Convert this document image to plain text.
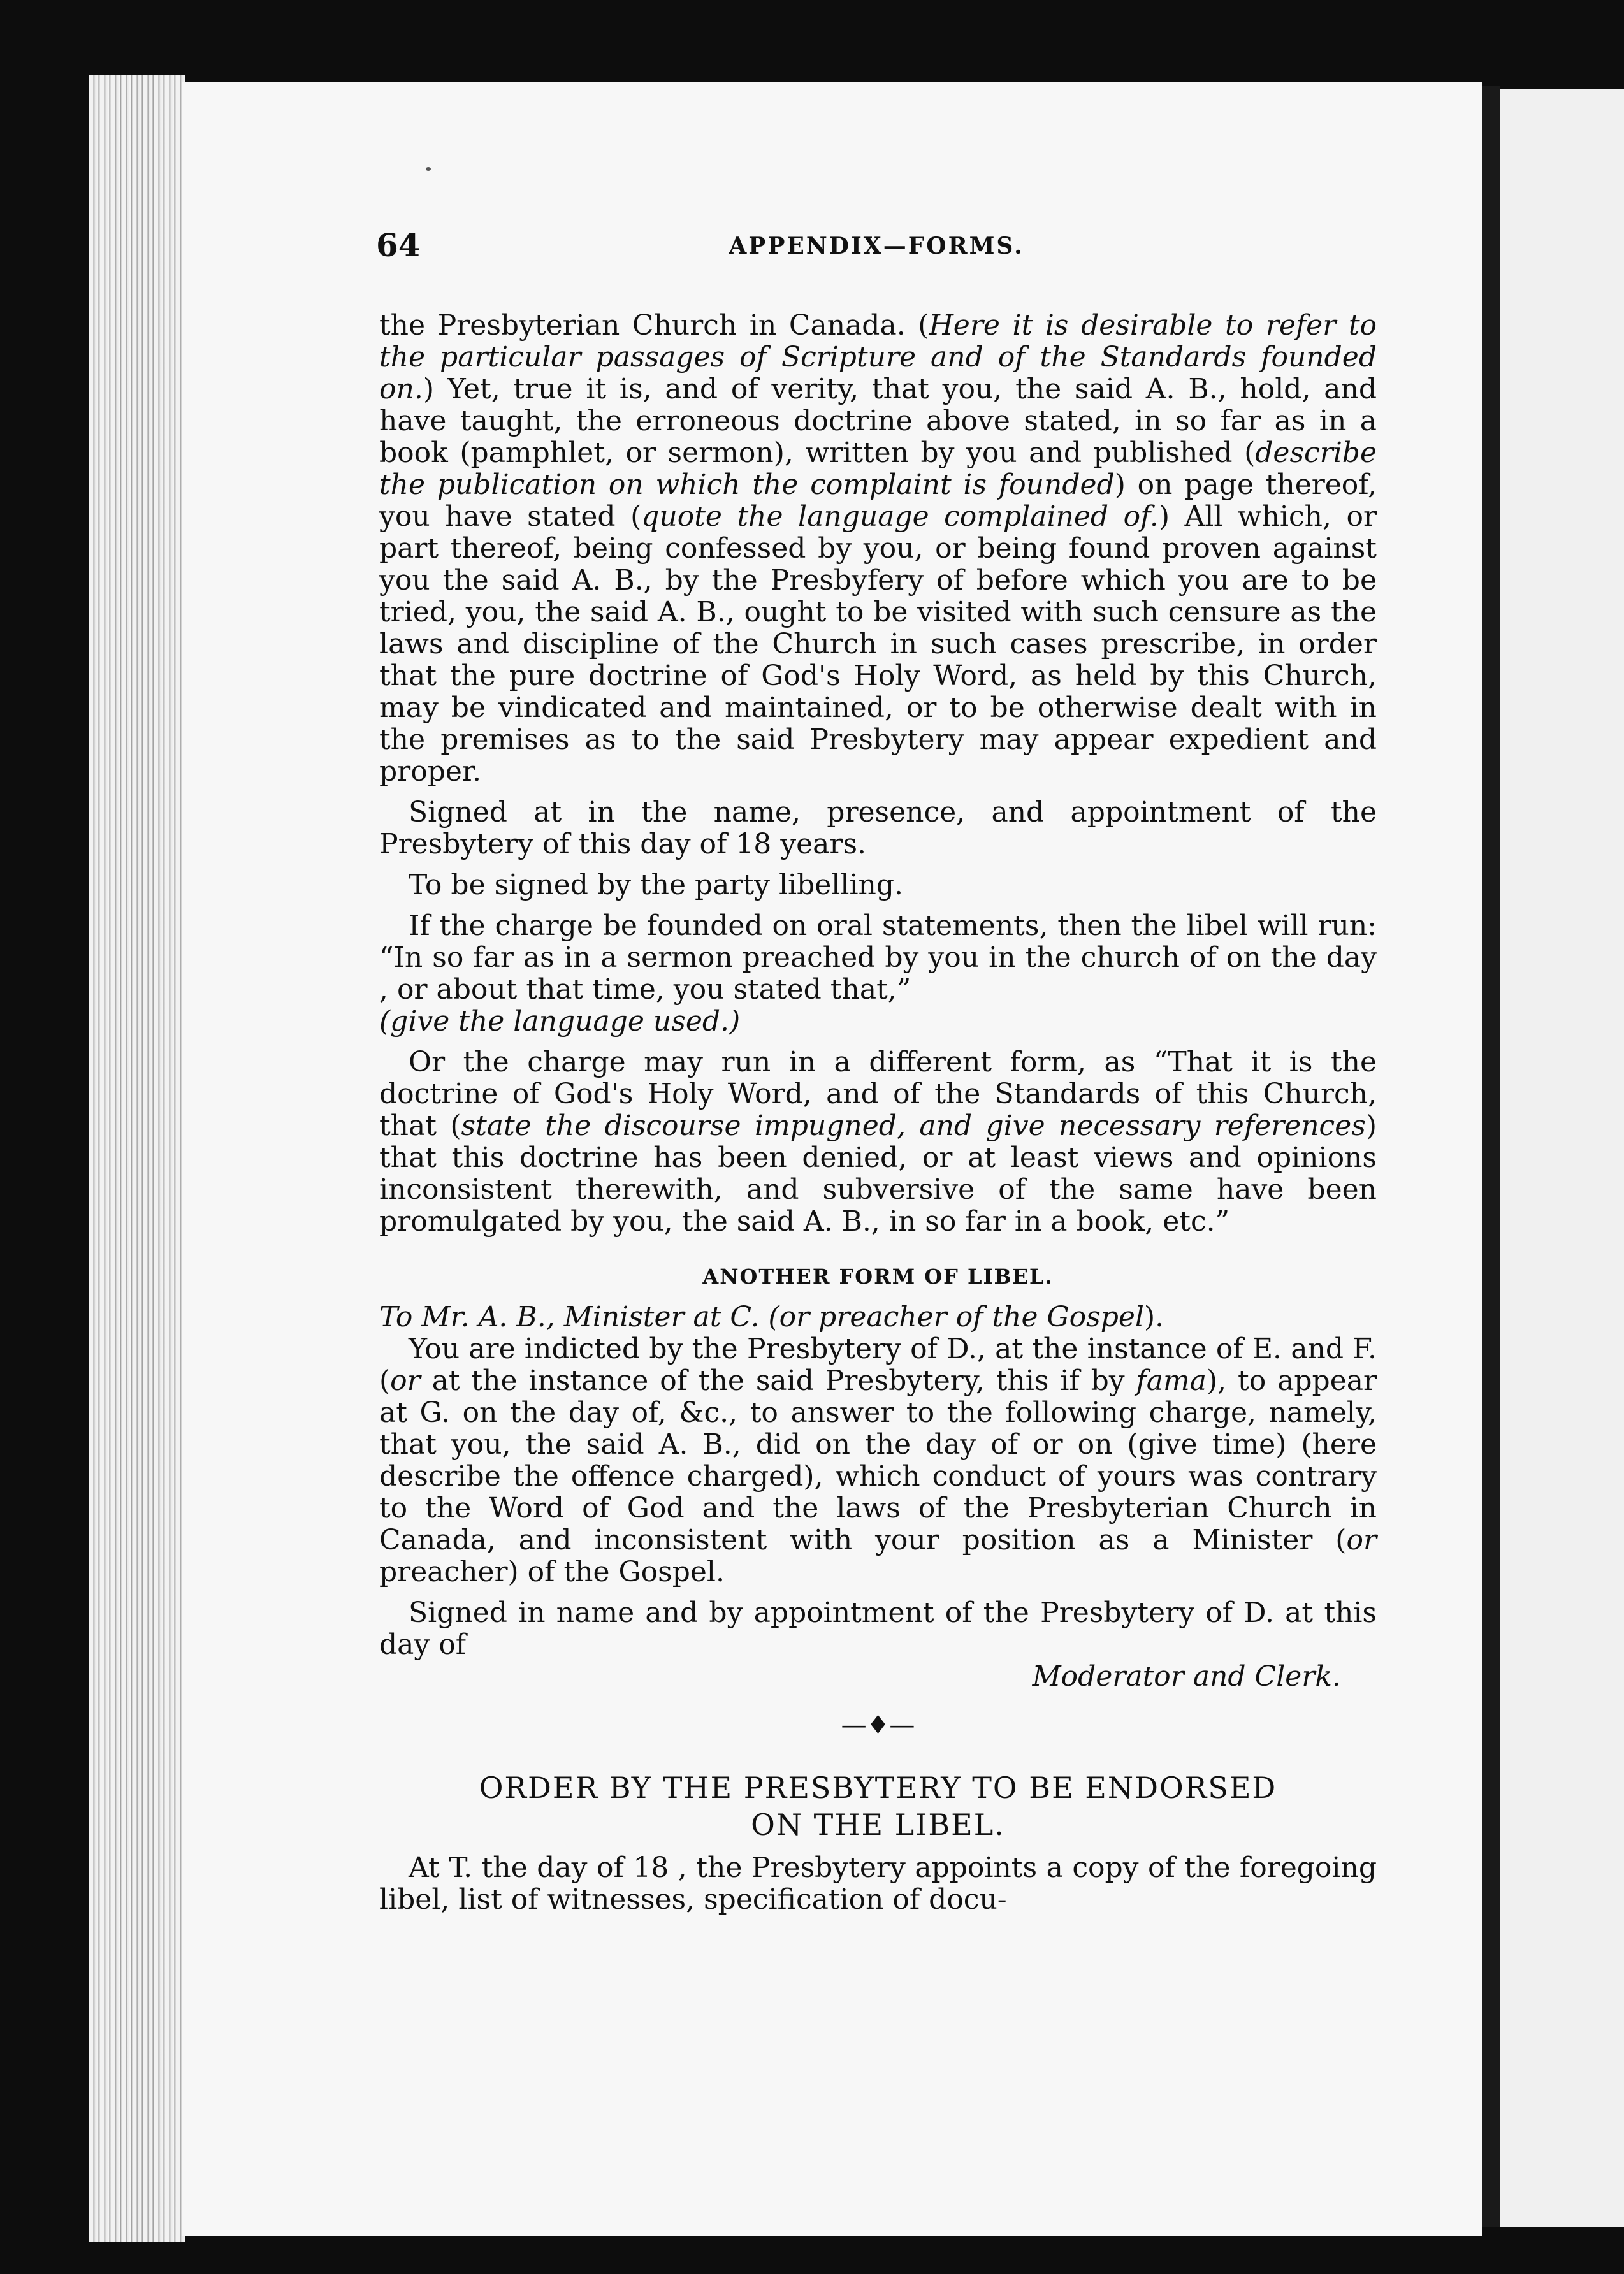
64	APPENDIX—FORMS.

the Presbyterian Church in Canada. (Here it is desirable to refer to the particular passages of Scripture and of the Standards founded on.) Yet, true it is, and of verity, that you, the said A. B., hold, and have taught, the erroneous doctrine above stated, in so far as in a book (pamphlet, or sermon), written by you and published (describe the publication on which the complaint is founded) on page thereof, you have stated (quote the language complained of.) All which, or part thereof, being confessed by you, or being found proven against you the said A. B., by the Presbyfery of before which you are to be tried, you, the said A. B., ought to be visited with such censure as the laws and discipline of the Church in such cases prescribe, in order that the pure doctrine of God's Holy Word, as held by this Church, may be vindicated and maintained, or to be otherwise dealt with in the premises as to the said Presbytery may appear expedient and proper.

Signed at in the name, presence, and appointment of the Presbytery of this day of 18 years.

To be signed by the party libelling.

If the charge be founded on oral statements, then the libel will run: “In so far as in a sermon preached by you in the church of on the day , or about that time, you stated that,”

(give the language used.)

Or the charge may run in a different form, as “That it is the doctrine of God's Holy Word, and of the Standards of this Church, that (state the discourse impugned, and give necessary references) that this doctrine has been denied, or at least views and opinions inconsistent therewith, and subversive of the same have been promulgated by you, the said A. B., in so far in a book, etc.”

ANOTHER FORM OF LIBEL.

To Mr. A. B., Minister at C. (or preacher of the Gospel).

You are indicted by the Presbytery of D., at the instance of E. and F. (or at the instance of the said Presbytery, this if by fama), to appear at G. on the day of, &c., to answer to the following charge, namely, that you, the said A. B., did on the day of or on (give time) (here describe the offence charged), which conduct of yours was contrary to the Word of God and the laws of the Presbyterian Church in Canada, and inconsistent with your position as a Minister (or preacher) of the Gospel.

Signed in name and by appointment of the Presbytery of D. at this day of

Moderator and Clerk.

—♦—

ORDER BY THE PRESBYTERY TO BE ENDORSED

ON THE LIBEL.

At T. the day of 18 , the Presbytery appoints a copy of the foregoing libel, list of witnesses, specification of docu-
